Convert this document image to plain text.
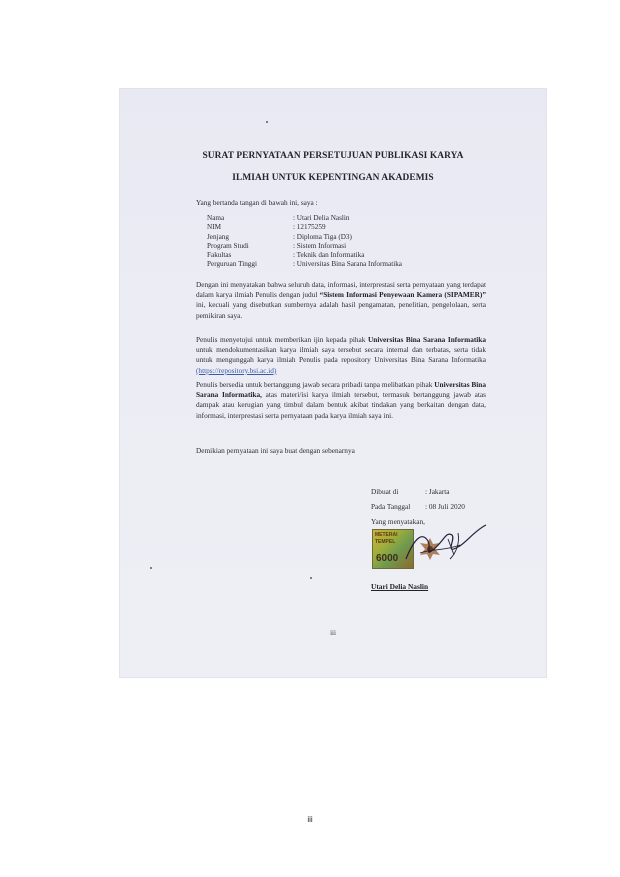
SURAT PERNYATAAN PERSETUJUAN PUBLIKASI KARYA
ILMIAH UNTUK KEPENTINGAN AKADEMIS
Yang bertanda tangan di bawah ini, saya :
Nama	: Utari Delia Naslin
NIM	: 12175259
Jenjang	: Diploma Tiga (D3)
Program Studi	: Sistem Informasi
Fakultas	: Teknik dan Informatika
Perguruan Tinggi	: Universitas Bina Sarana Informatika
Dengan ini menyatakan bahwa seluruh data, informasi, interprestasi serta pernyataan yang terdapat dalam karya ilmiah Penulis dengan judul “Sistem Informasi Penyewaan Kamera (SIPAMER)” ini, kecuali yang disebutkan sumbernya adalah hasil pengamatan, penelitian, pengelolaan, serta pemikiran saya.
Penulis menyetujui untuk memberikan ijin kepada pihak Universitas Bina Sarana Informatika untuk mendokumentasikan karya ilmiah saya tersebut secara internal dan terbatas, serta tidak untuk mengunggah karya ilmiah Penulis pada repository Universitas Bina Sarana Informatika (https://repository.bsi.ac.id)
Penulis bersedia untuk bertanggung jawab secara pribadi tanpa melibatkan pihak Universitas Bina Sarana Informatika, atas materi/isi karya ilmiah tersebut, termasuk bertanggung jawab atas dampak atau kerugian yang timbul dalam bentuk akibat tindakan yang berkaitan dengan data, informasi, interprestasi serta pernyataan pada karya ilmiah saya ini.
Demikian pernyataan ini saya buat dengan sebenarnya
Dibuat di	: Jakarta
Pada Tanggal : 08 Juli 2020
Yang menyatakan,
METERAI
TEMPEL
6000
Utari Delia Naslin
iii
iii
